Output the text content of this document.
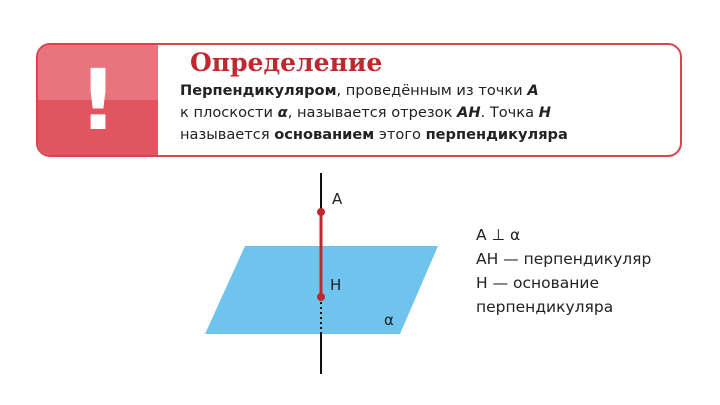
!	Определение
Перпендикуляром, проведённым из точки A
к плоскости α, называется отрезок AH. Точка H
называется основанием этого перпендикуляра
A
H
α
A ⊥ α
AH — перпендикуляр
H — основание
перпендикуляра
